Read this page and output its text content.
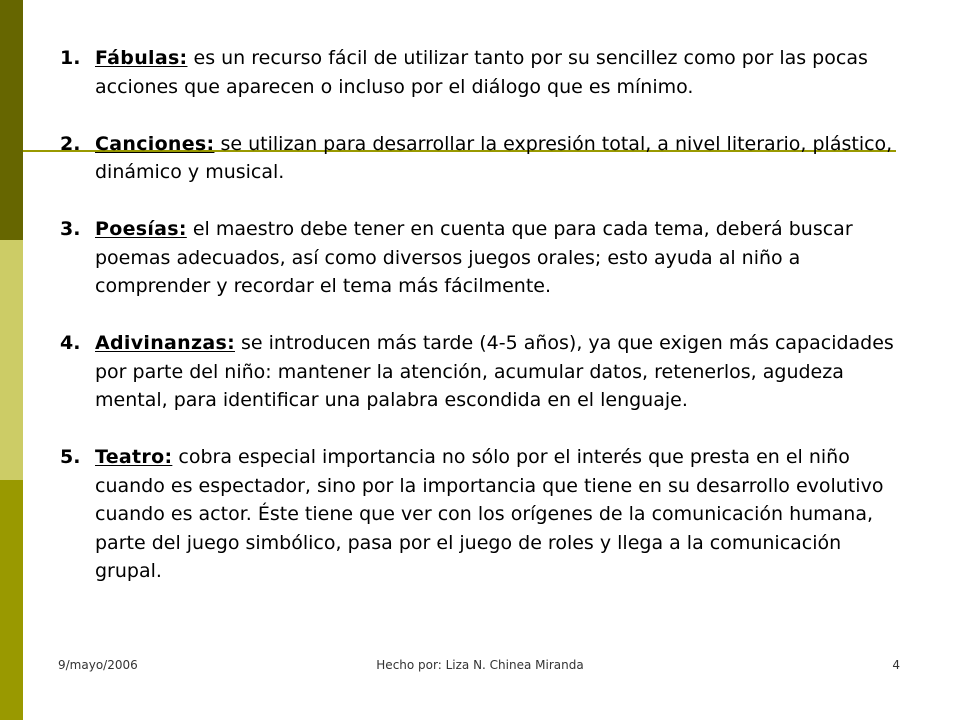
1. Fábulas: es un recurso fácil de utilizar tanto por su sencillez como por las pocas acciones que aparecen o incluso por el diálogo que es mínimo.
2. Canciones: se utilizan para desarrollar la expresión total, a nivel literario, plástico, dinámico y musical.
3. Poesías: el maestro debe tener en cuenta que para cada tema, deberá buscar poemas adecuados, así como diversos juegos orales; esto ayuda al niño a comprender y recordar el tema más fácilmente.
4. Adivinanzas: se introducen más tarde (4-5 años), ya que exigen más capacidades por parte del niño: mantener la atención, acumular datos, retenerlos, agudeza mental, para identificar una palabra escondida en el lenguaje.
5. Teatro: cobra especial importancia no sólo por el interés que presta en el niño cuando es espectador, sino por la importancia que tiene en su desarrollo evolutivo cuando es actor. Éste tiene que ver con los orígenes de la comunicación humana, parte del juego simbólico, pasa por el juego de roles y llega a la comunicación grupal.
9/mayo/2006	Hecho por: Liza N. Chinea Miranda	4
